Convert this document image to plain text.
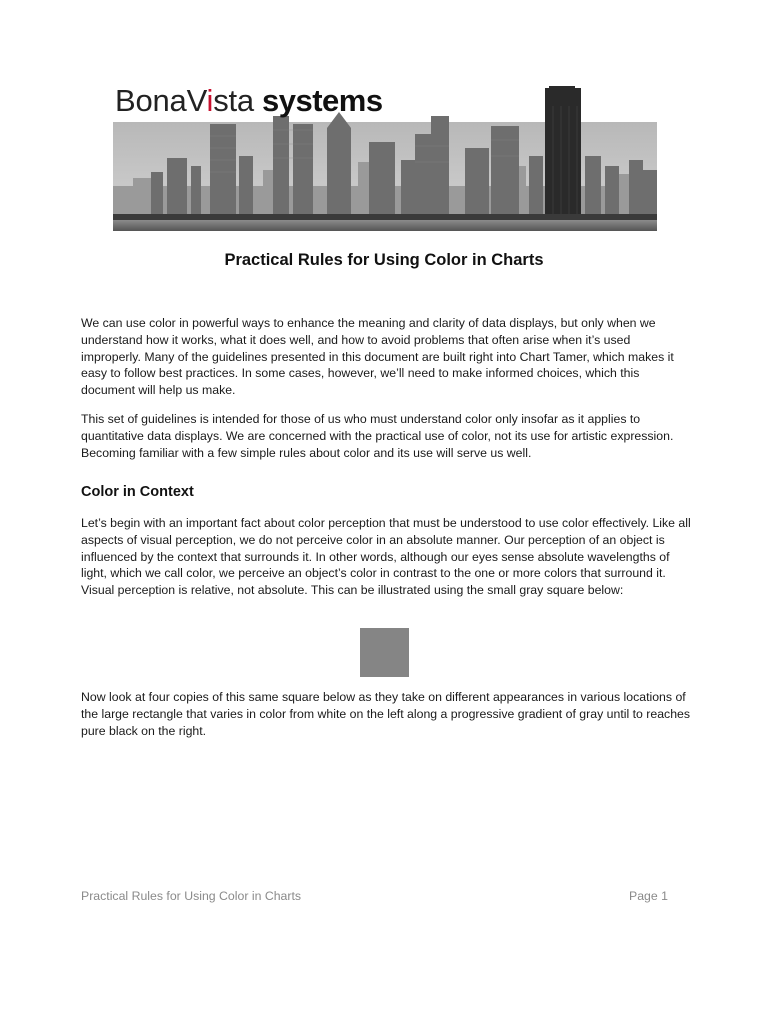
BonaVista systems
Practical Rules for Using Color in Charts

We can use color in powerful ways to enhance the meaning and clarity of data displays, but only when we understand how it works, what it does well, and how to avoid problems that often arise when it’s used improperly. Many of the guidelines presented in this document are built right into Chart Tamer, which makes it easy to follow best practices. In some cases, however, we’ll need to make informed choices, which this document will help us make.

This set of guidelines is intended for those of us who must understand color only insofar as it applies to quantitative data displays. We are concerned with the practical use of color, not its use for artistic expression. Becoming familiar with a few simple rules about color and its use will serve us well.

Color in Context

Let’s begin with an important fact about color perception that must be understood to use color effectively. Like all aspects of visual perception, we do not perceive color in an absolute manner. Our perception of an object is influenced by the context that surrounds it. In other words, although our eyes sense absolute wavelengths of light, which we call color, we perceive an object’s color in contrast to the one or more colors that surround it. Visual perception is relative, not absolute. This can be illustrated using the small gray square below:

Now look at four copies of this same square below as they take on different appearances in various locations of the large rectangle that varies in color from white on the left along a progressive gradient of gray until to reaches pure black on the right.

Practical Rules for Using Color in Charts	Page 1
